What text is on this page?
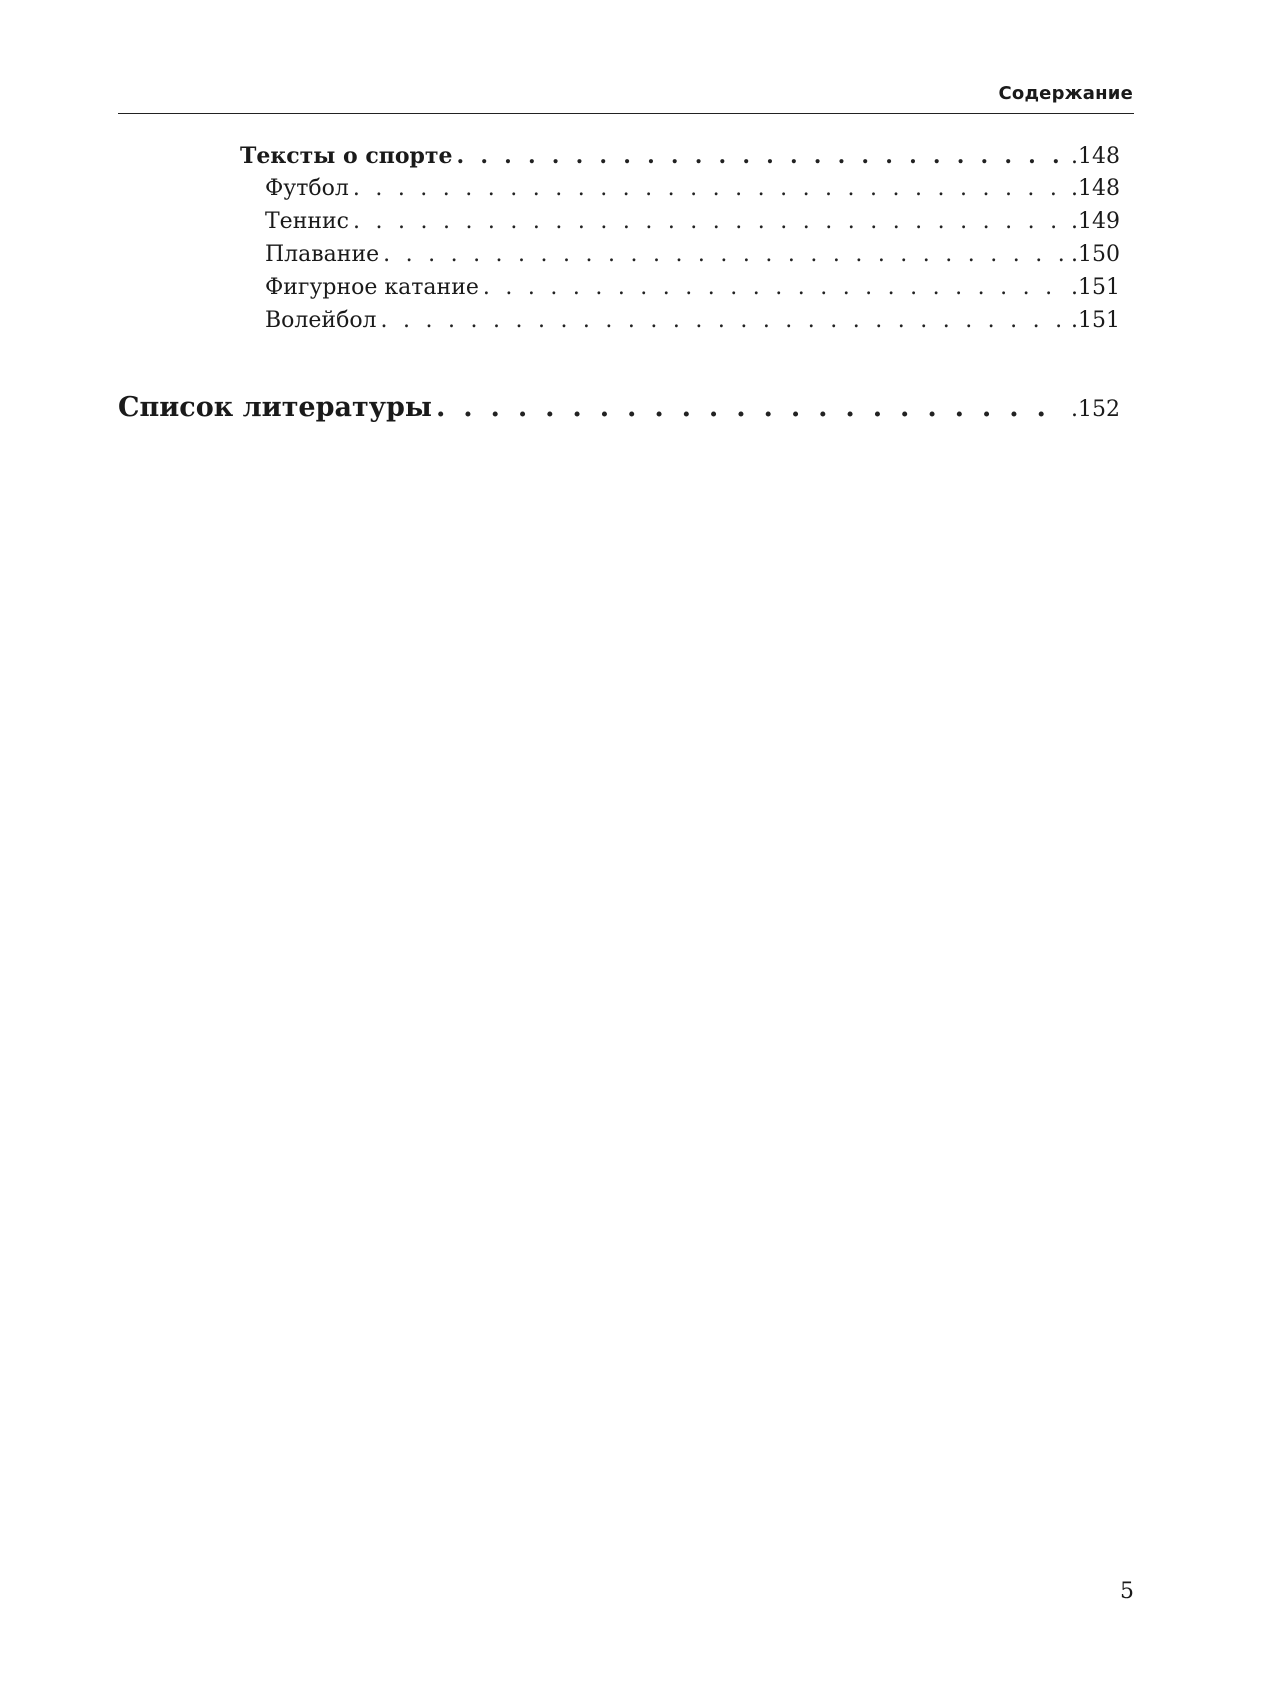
Содержание
Тексты о спорте . . .	.148
Футбол . . .	.148
Теннис . . .	.149
Плавание . . .	.150
Фигурное катание . . .	.151
Волейбол . . .	.151
Список литературы . . .	.152
5
